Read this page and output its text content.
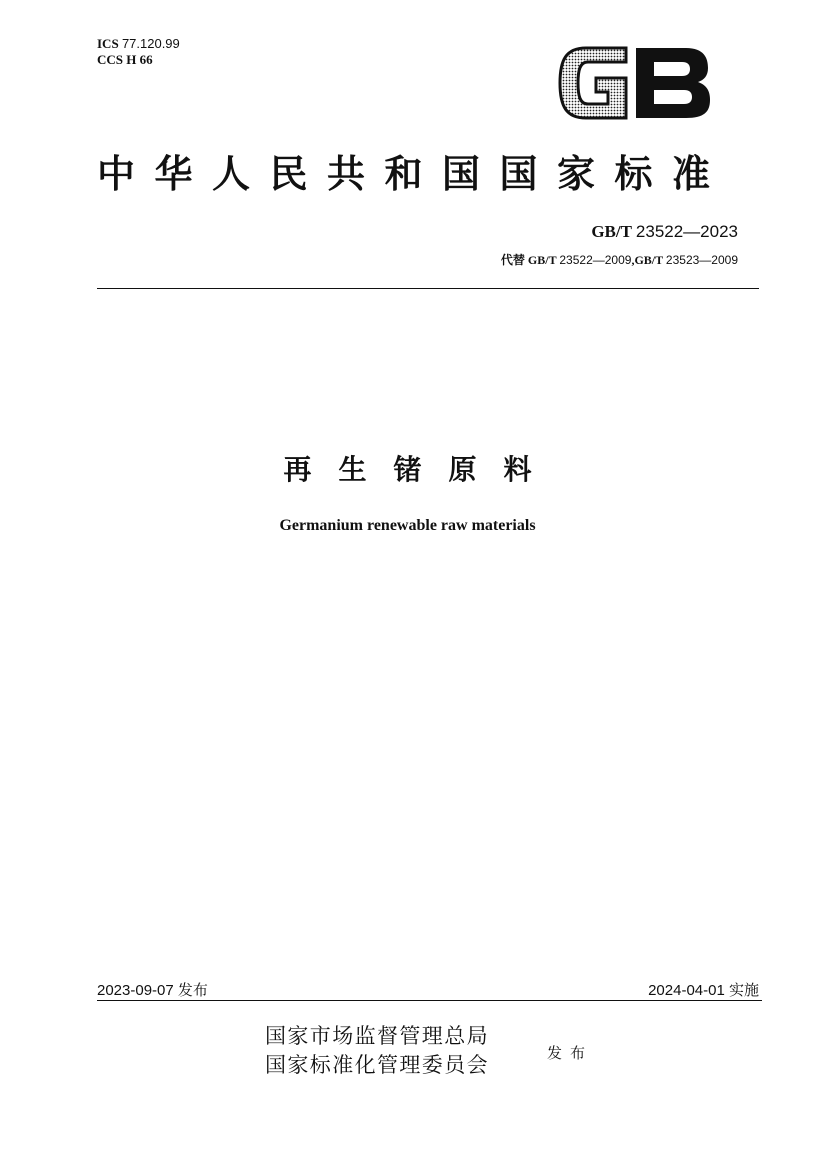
ICS 77.120.99
CCS H 66
中华人民共和国国家标准
GB/T 23522—2023
代替 GB/T 23522—2009,GB/T 23523—2009
再生锗原料
Germanium renewable raw materials
2023-09-07 发布	2024-04-01 实施
国家市场监督管理总局
国家标准化管理委员会	发布
